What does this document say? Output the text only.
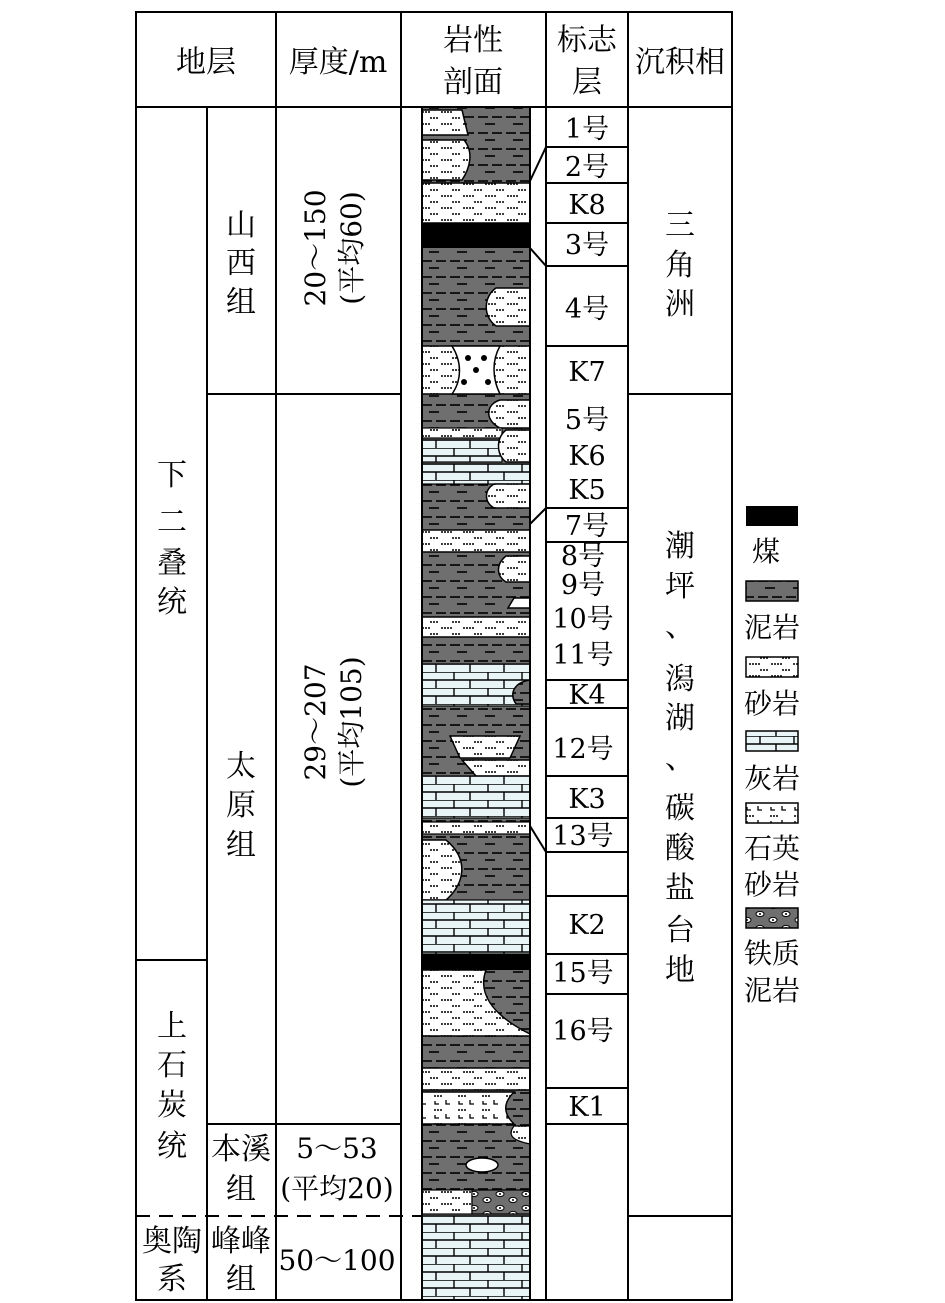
地层 厚度/m
岩性
剖面
标志
层
沉积相
下
二
叠
统
上
石
炭
统
奥陶
系
山
西
组
太
原
组
本溪
组
峰峰
组
20～150 (平均60)
29～207 (平均105)
5～53
(平均20)
50～100
1号
2号
K8
3号
4号
K7
5号
K6
K5
7号
8号
9号
10号
11号
K4
12号
K3
13号
K2
15号
16号
K1
三
角
洲
潮
坪
、
潟
湖
、
碳
酸
盐
台
地
煤
泥岩
砂岩
灰岩
石英
砂岩
铁质
泥岩
